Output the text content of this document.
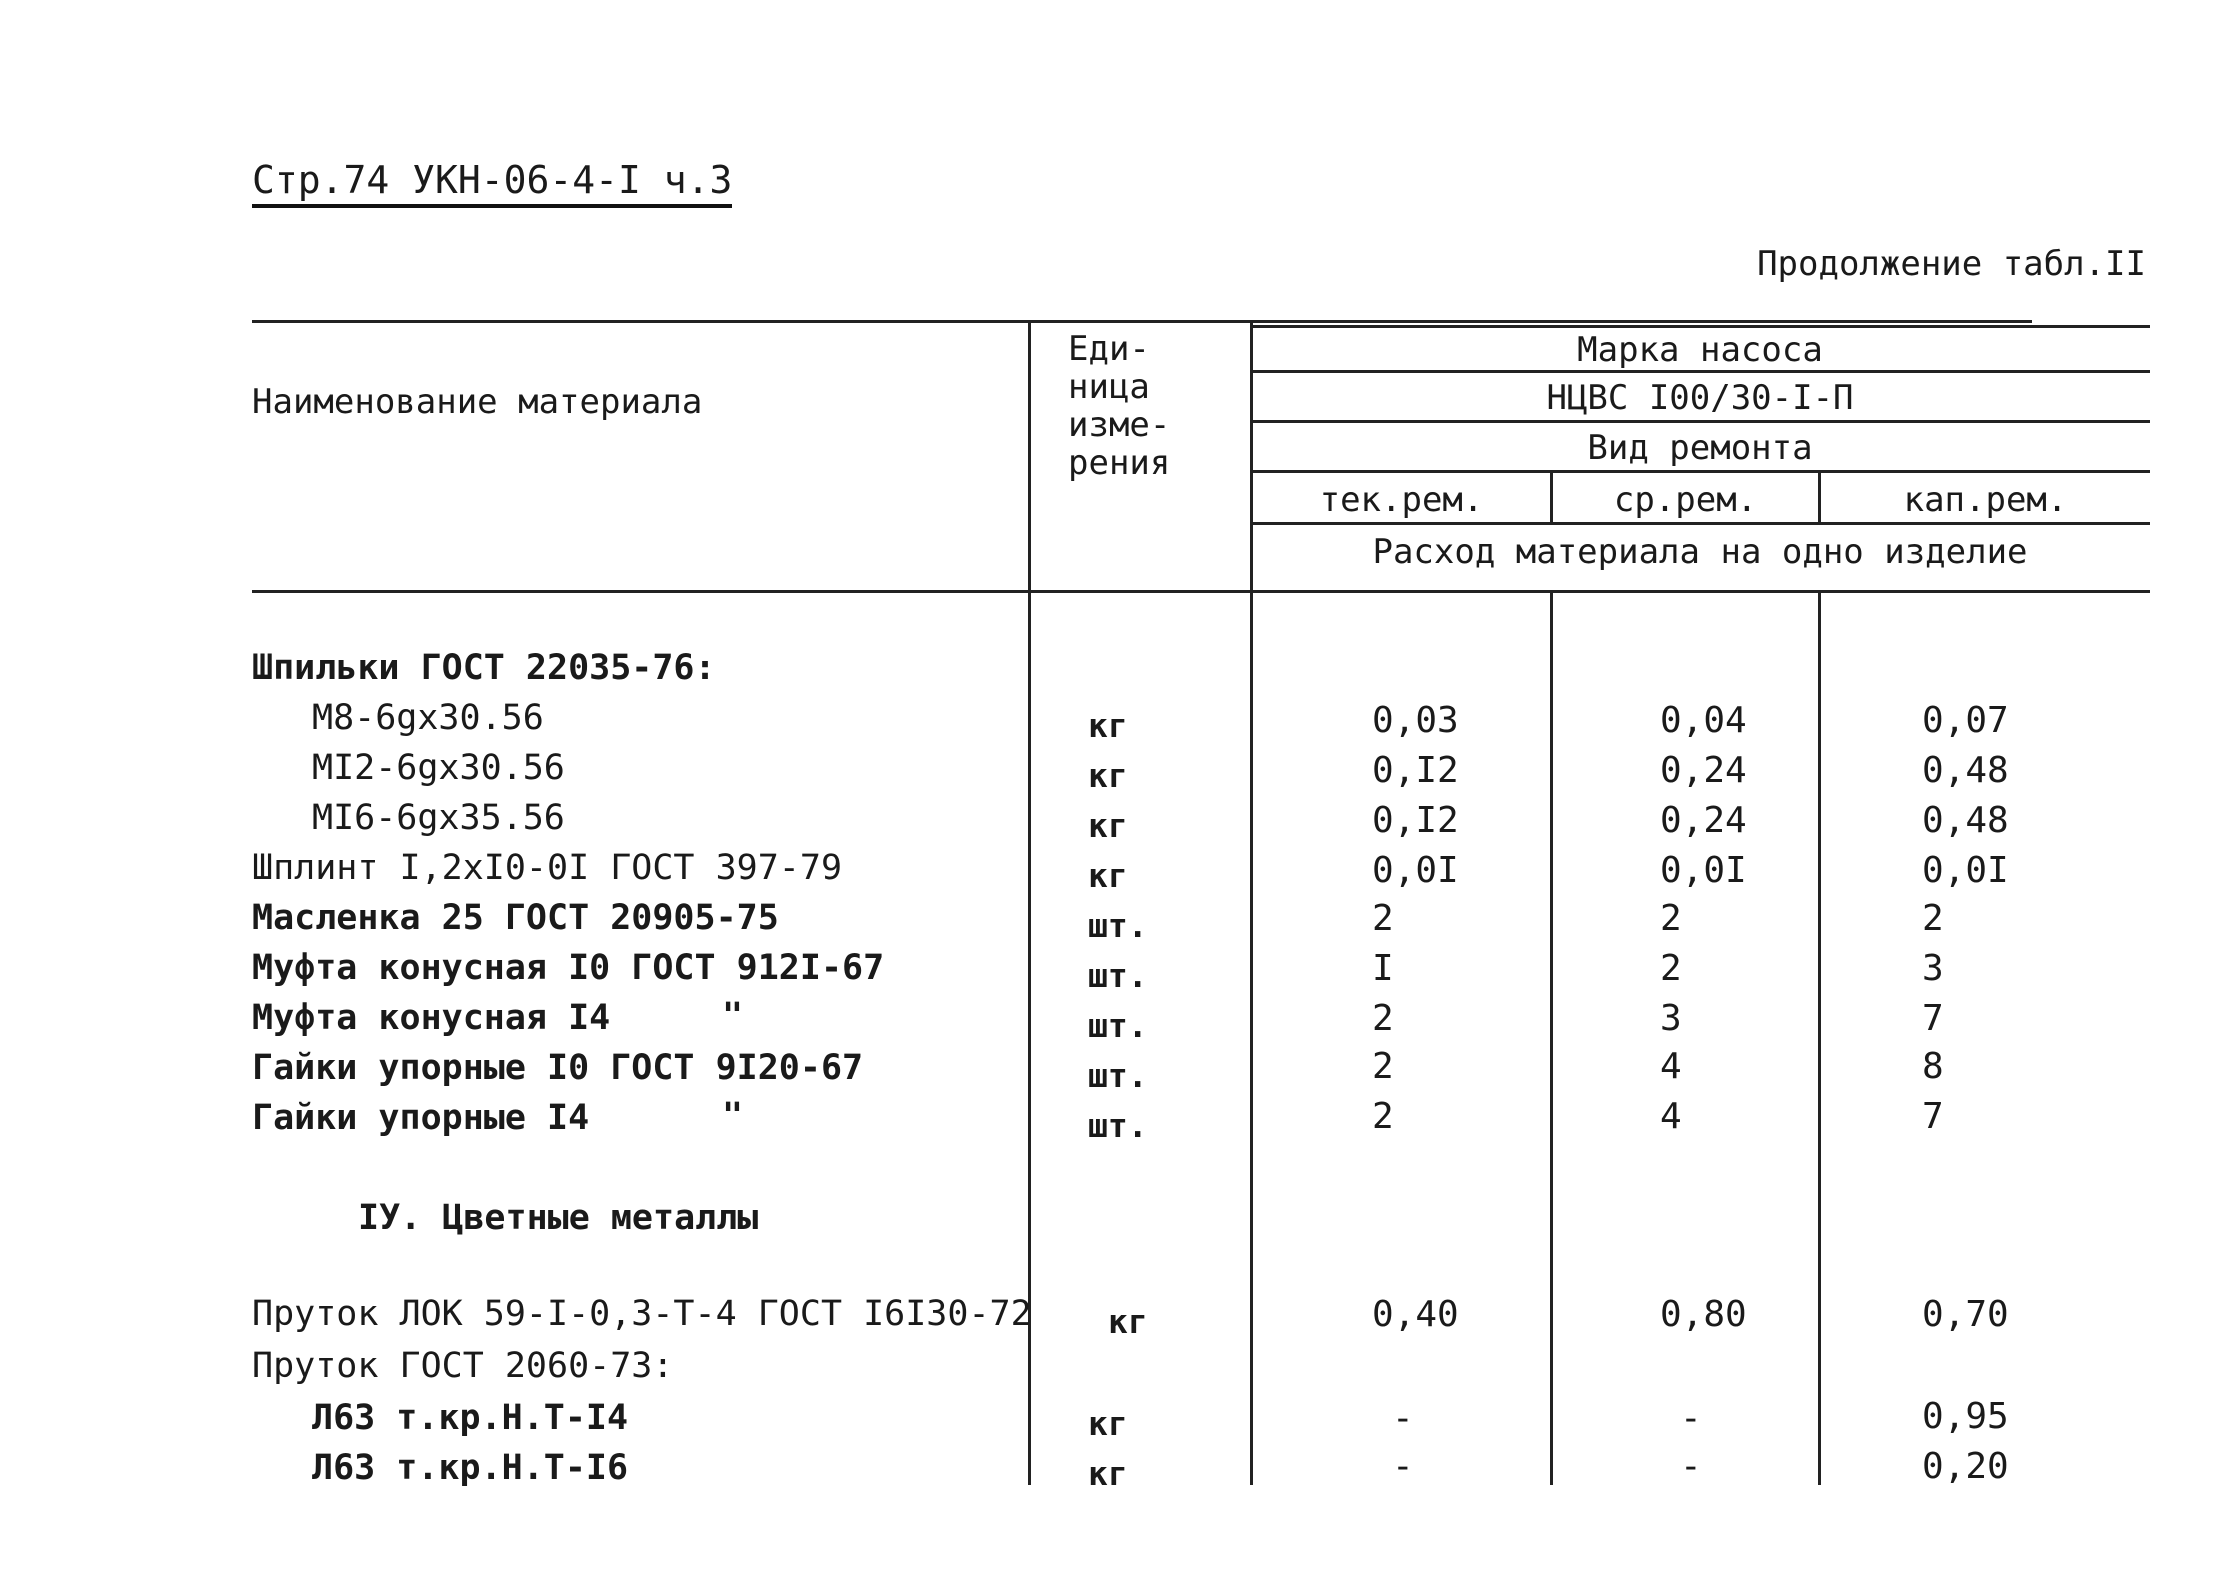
Стр.74 УКН-06-4-I ч.3
Продолжение табл.II
Наименование материала
Еди-
ница
изме-
рения
Марка насоса
НЦВС I00/30-I-П
Вид ремонта
тек.рем.	ср.рем.	кап.рем.
Расход материала на одно изделие
Шпильки ГОСТ 22035-76:
М8-6gх30.56	кг	0,03	0,04	0,07
МI2-6gх30.56	кг	0,I2	0,24	0,48
МI6-6gх35.56	кг	0,I2	0,24	0,48
Шплинт I,2хI0-0I ГОСТ 397-79	кг	0,0I	0,0I	0,0I
Масленка 25 ГОСТ 20905-75	шт.	2	2	2
Муфта конусная I0 ГОСТ 912I-67	шт.	I	2	3
Муфта конусная I4	"	шт.	2	3	7
Гайки упорные I0 ГОСТ 9I20-67	шт.	2	4	8
Гайки упорные I4	"	шт.	2	4	7
IУ. Цветные металлы
Пруток ЛОК 59-I-0,3-Т-4 ГОСТ I6I30-72 кг	0,40	0,80	0,70
Пруток ГОСТ 2060-73:
Л63 т.кр.Н.Т-I4	кг	-	-	0,95
Л63 т.кр.Н.Т-I6	кг	-	-	0,20
